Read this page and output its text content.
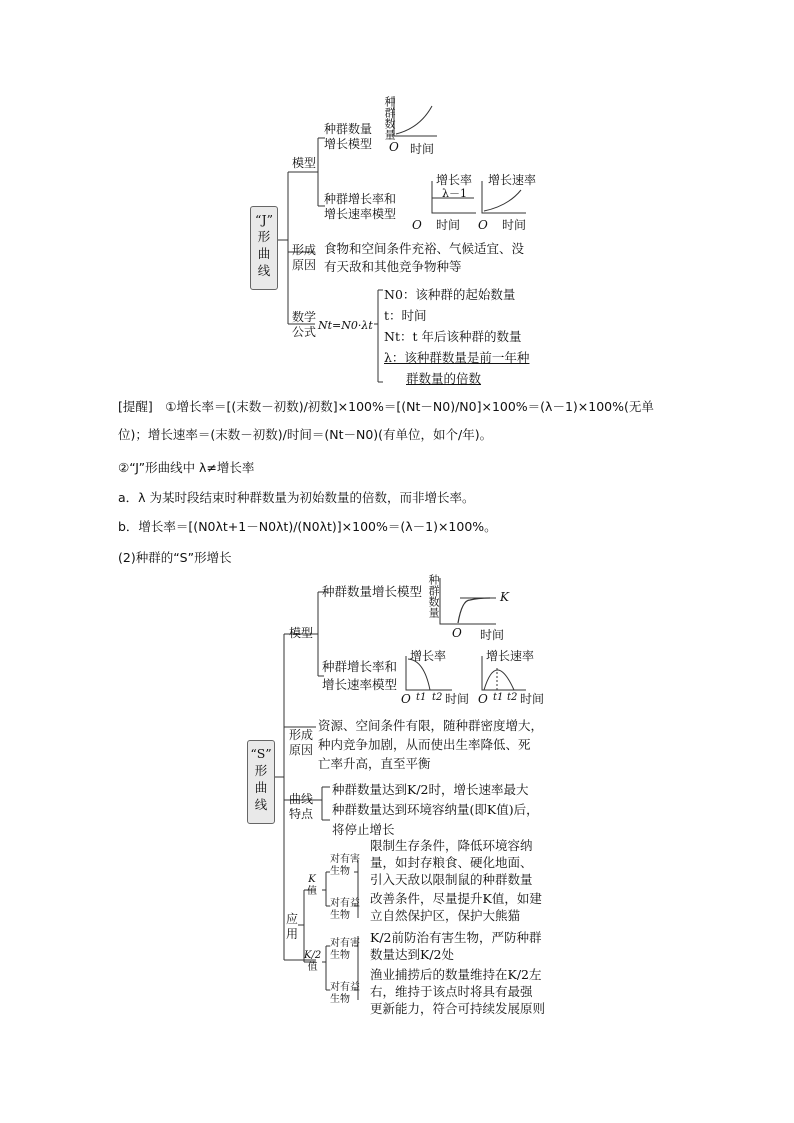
“J”
形
曲
线
模型
种群数量
增长模型
种群增长率和
增长速率模型
种群数量
O 时间
增长率
λ－1
O 时间
增长速率
O 时间
形成
原因
食物和空间条件充裕、气候适宜、没
有天敌和其他竞争物种等
数学
公式 Nt=N0·λt
N0：该种群的起始数量
t：时间
Nt：t 年后该种群的数量
λ：该种群数量是前一年种
群数量的倍数
[提醒]　①增长率＝[(末数－初数)/初数]×100%＝[(Nt－N0)/N0]×100%＝(λ－1)×100%(无单
位)；增长速率＝(末数－初数)/时间＝(Nt－N0)(有单位，如个/年)。
②“J”形曲线中 λ≠增长率
a．λ 为某时段结束时种群数量为初始数量的倍数，而非增长率。
b．增长率＝[(N0λt+1－N0λt)/(N0λt)]×100%＝(λ－1)×100%。
(2)种群的“S”形增长
“S”
形
曲
线
模型
种群数量增长模型
种群增长率和
增长速率模型
种群数量	K
O 时间
增长率
O t1 t2 时间
增长速率
O t1 t2 时间
形成
原因
资源、空间条件有限，随种群密度增大，
种内竞争加剧，从而使出生率降低、死
亡率升高，直至平衡
曲线
特点
种群数量达到K/2时，增长速率最大
种群数量达到环境容纳量(即K值)后，
将停止增长
应
用
K
值
K/2
值
对有害
生物
对有益
生物
对有害
生物
对有益
生物
限制生存条件，降低环境容纳
量，如封存粮食、硬化地面、
引入天敌以限制鼠的种群数量
改善条件，尽量提升K值，如建
立自然保护区，保护大熊猫
K/2前防治有害生物，严防种群
数量达到K/2处
渔业捕捞后的数量维持在K/2左
右，维持于该点时将具有最强
更新能力，符合可持续发展原则
